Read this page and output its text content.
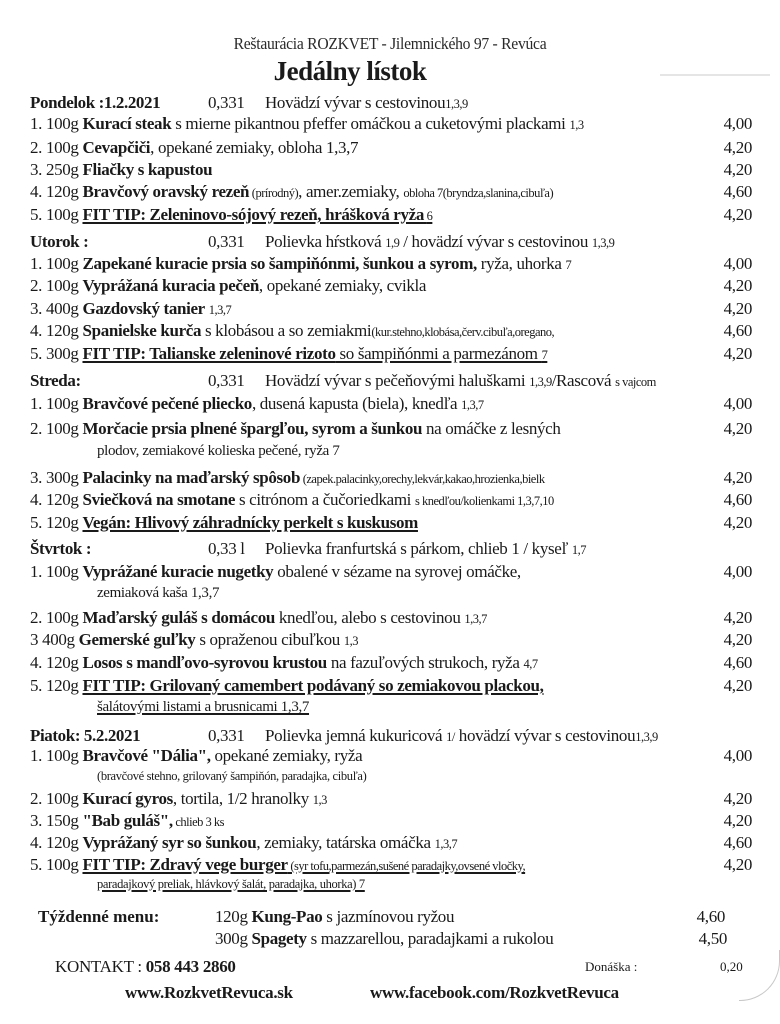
Reštaurácia ROZKVET - Jilemnického 97 - Revúca
Jedálny lístok
Pondelok :1.2.2021	0,331 Hovädzí vývar s cestovinou1,3,9
1. 100g Kurací steak s mierne pikantnou pfeffer omáčkou a cuketovými plackami 1,3	4,00
2. 100g Cevapčiči, opekané zemiaky, obloha 1,3,7	4,20
3. 250g Fliačky s kapustou	4,20
4. 120g Bravčový oravský rezeň (prírodný), amer.zemiaky, obloha 7(bryndza,slanina,cibuľa)	4,60
5. 100g FIT TIP: Zeleninovo-sójový rezeň, hrášková ryža 6	4,20
Utorok :	0,331 Polievka hŕstková 1,9 / hovädzí vývar s cestovinou 1,3,9
1. 100g Zapekané kuracie prsia so šampiňónmi, šunkou a syrom, ryža, uhorka 7	4,00
2. 100g Vyprážaná kuracia pečeň, opekané zemiaky, cvikla	4,20
3. 400g Gazdovský tanier 1,3,7	4,20
4. 120g Spanielske kurča s klobásou a so zemiakmi(kur.stehno,klobása,červ.cibuľa,oregano,	4,60
5. 300g FIT TIP: Talianske zeleninové rizoto so šampiňónmi a parmezánom 7	4,20
Streda:	0,331 Hovädzí vývar s pečeňovými haluškami 1,3,9/Rascová s vajcom
1. 100g Bravčové pečené pliecko, dusená kapusta (biela), knedľa 1,3,7	4,00
2. 100g Morčacie prsia plnené špargľou, syrom a šunkou na omáčke z lesných	4,20
plodov, zemiakové kolieska pečené, ryža 7
3. 300g Palacinky na maďarský spôsob (zapek.palacinky,orechy,lekvár,kakao,hrozienka,bielk	4,20
4. 120g Sviečková na smotane s citrónom a čučoriedkami s knedľou/kolienkami 1,3,7,10	4,60
5. 120g Vegán: Hlivový záhradnícky perkelt s kuskusom	4,20
Štvrtok :	0,33 l Polievka franfurtská s párkom, chlieb 1 / kyseľ 1,7
1. 100g Vyprážané kuracie nugetky obalené v sézame na syrovej omáčke,	4,00
zemiaková kaša 1,3,7
2. 100g Maďarský guláš s domácou knedľou, alebo s cestovinou 1,3,7	4,20
3 400g Gemerské guľky s opraženou cibuľkou 1,3	4,20
4. 120g Losos s mandľovo-syrovou krustou na fazuľových strukoch, ryža 4,7	4,60
5. 120g FIT TIP: Grilovaný camembert podávaný so zemiakovou plackou,	4,20
šalátovými listami a brusnicami 1,3,7
Piatok: 5.2.2021	0,331 Polievka jemná kukuricová 1/ hovädzí vývar s cestovinou1,3,9
1. 100g Bravčové "Dália", opekané zemiaky, ryža	4,00
(bravčové stehno, grilovaný šampiňón, paradajka, cibuľa)
2. 100g Kurací gyros, tortila, 1/2 hranolky 1,3	4,20
3. 150g "Bab guláš", chlieb 3 ks	4,20
4. 120g Vyprážaný syr so šunkou, zemiaky, tatárska omáčka 1,3,7	4,60
5. 100g FIT TIP: Zdravý vege burger (syr tofu,parmezán,sušené paradajky,ovsené vločky,	4,20
paradajkový preliak, hlávkový šalát, paradajka, uhorka) 7
Týždenné menu:	120g Kung-Pao s jazmínovou ryžou	4,60
300g Spagety s mazzarellou, paradajkami a rukolou	4,50
KONTAKT : 058 443 2860	Donáška :	0,20
www.RozkvetRevuca.sk	www.facebook.com/RozkvetRevuca
